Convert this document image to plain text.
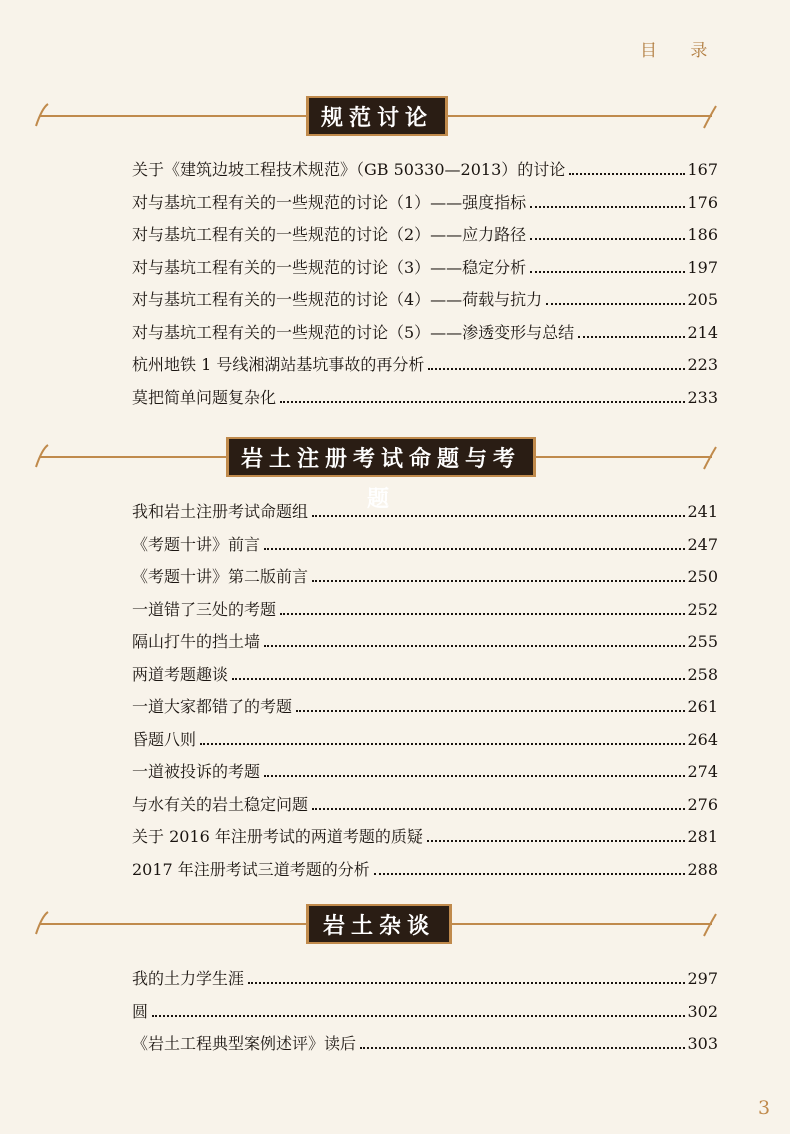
目 录
规范讨论
关于《建筑边坡工程技术规范》（GB 50330—2013）的讨论	167
对与基坑工程有关的一些规范的讨论（1）——强度指标	176
对与基坑工程有关的一些规范的讨论（2）——应力路径	186
对与基坑工程有关的一些规范的讨论（3）——稳定分析	197
对与基坑工程有关的一些规范的讨论（4）——荷载与抗力	205
对与基坑工程有关的一些规范的讨论（5）——渗透变形与总结	214
杭州地铁 1 号线湘湖站基坑事故的再分析	223
莫把简单问题复杂化	233
岩土注册考试命题与考题
我和岩土注册考试命题组	241
《考题十讲》前言	247
《考题十讲》第二版前言	250
一道错了三处的考题	252
隔山打牛的挡土墙	255
两道考题趣谈	258
一道大家都错了的考题	261
昏题八则	264
一道被投诉的考题	274
与水有关的岩土稳定问题	276
关于 2016 年注册考试的两道考题的质疑	281
2017 年注册考试三道考题的分析	288
岩土杂谈
我的土力学生涯	297
圆	302
《岩土工程典型案例述评》读后	303
3
